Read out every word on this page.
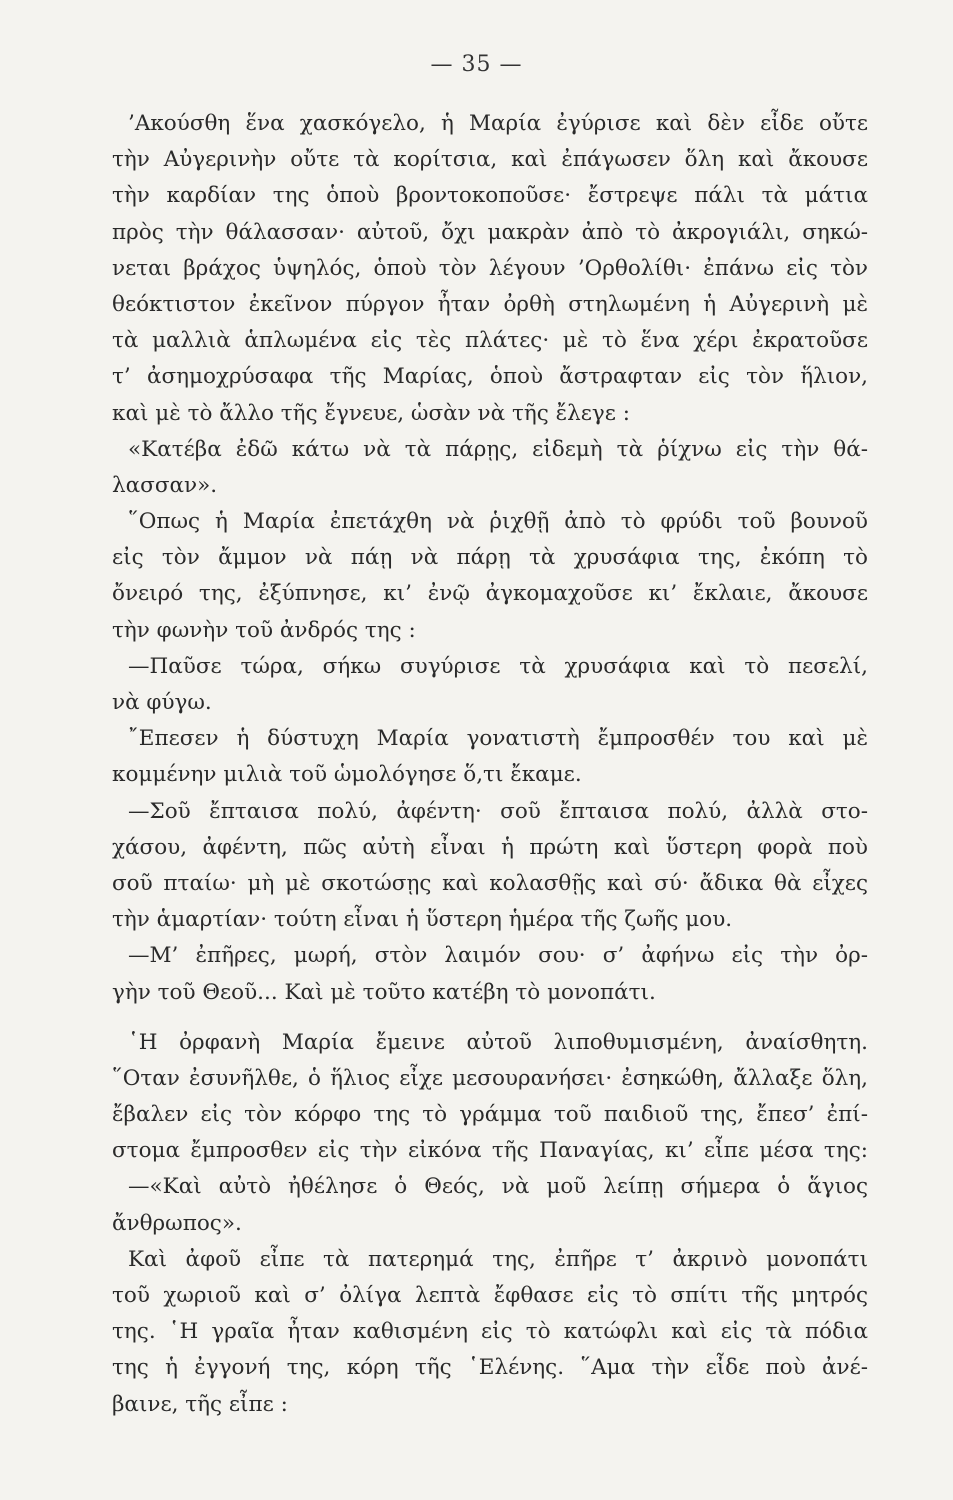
— 35 —
’Ακούσθη ἕνα χασκόγελο, ἡ Μαρία ἐγύρισε καὶ δὲν εἶδε οὔτε
τὴν Αὐγερινὴν οὔτε τὰ κορίτσια, καὶ ἐπάγωσεν ὅλη καὶ ἄκουσε
τὴν καρδίαν της ὁποὺ βροντοκοποῦσε· ἔστρεψε πάλι τὰ μάτια
πρὸς τὴν θάλασσαν· αὐτοῦ, ὄχι μακρὰν ἀπὸ τὸ ἀκρογιάλι, σηκώ-
νεται βράχος ὑψηλός, ὁποὺ τὸν λέγουν ’Ορθολίθι· ἐπάνω εἰς τὸν
θεόκτιστον ἐκεῖνον πύργον ἦταν ὀρθὴ στηλωμένη ἡ Αὐγερινὴ μὲ
τὰ μαλλιὰ ἁπλωμένα εἰς τὲς πλάτες· μὲ τὸ ἕνα χέρι ἐκρατοῦσε
τ’ ἀσημοχρύσαφα τῆς Μαρίας, ὁποὺ ἄστραφταν εἰς τὸν ἥλιον,
καὶ μὲ τὸ ἄλλο τῆς ἔγνευε, ὡσὰν νὰ τῆς ἔλεγε :
«Κατέβα ἐδῶ κάτω νὰ τὰ πάρῃς, εἰδεμὴ τὰ ῥίχνω εἰς τὴν θά-
λασσαν».
῞Οπως ἡ Μαρία ἐπετάχθη νὰ ῥιχθῇ ἀπὸ τὸ φρύδι τοῦ βουνοῦ
εἰς τὸν ἄμμον νὰ πάῃ νὰ πάρῃ τὰ χρυσάφια της, ἐκόπη τὸ
ὄνειρό της, ἐξύπνησε, κι’ ἐνῷ ἀγκομαχοῦσε κι’ ἔκλαιε, ἄκουσε
τὴν φωνὴν τοῦ ἀνδρός της :
—Παῦσε τώρα, σήκω συγύρισε τὰ χρυσάφια καὶ τὸ πεσελί,
νὰ φύγω.
῎Επεσεν ἡ δύστυχη Μαρία γονατιστὴ ἔμπροσθέν του καὶ μὲ
κομμένην μιλιὰ τοῦ ὡμολόγησε ὅ,τι ἔκαμε.
—Σοῦ ἔπταισα πολύ, ἀφέντη· σοῦ ἔπταισα πολύ, ἀλλὰ στο-
χάσου, ἀφέντη, πῶς αὐτὴ εἶναι ἡ πρώτη καὶ ὕστερη φορὰ ποὺ
σοῦ πταίω· μὴ μὲ σκοτώσῃς καὶ κολασθῇς καὶ σύ· ἄδικα θὰ εἶχες
τὴν ἁμαρτίαν· τούτη εἶναι ἡ ὕστερη ἡμέρα τῆς ζωῆς μου.
—Μ’ ἐπῆρες, μωρή, στὸν λαιμόν σου· σ’ ἀφήνω εἰς τὴν ὀρ-
γὴν τοῦ Θεοῦ... Καὶ μὲ τοῦτο κατέβη τὸ μονοπάτι.
῾Η ὀρφανὴ Μαρία ἔμεινε αὐτοῦ λιποθυμισμένη, ἀναίσθητη.
῞Οταν ἐσυνῆλθε, ὁ ἥλιος εἶχε μεσουρανήσει· ἐσηκώθη, ἄλλαξε ὅλη,
ἔβαλεν εἰς τὸν κόρφο της τὸ γράμμα τοῦ παιδιοῦ της, ἔπεσ’ ἐπί-
στομα ἔμπροσθεν εἰς τὴν εἰκόνα τῆς Παναγίας, κι’ εἶπε μέσα της:
—«Καὶ αὐτὸ ἠθέλησε ὁ Θεός, νὰ μοῦ λείπῃ σήμερα ὁ ἅγιος
ἄνθρωπος».
Καὶ ἀφοῦ εἶπε τὰ πατερημά της, ἐπῆρε τ’ ἀκρινὸ μονοπάτι
τοῦ χωριοῦ καὶ σ’ ὀλίγα λεπτὰ ἔφθασε εἰς τὸ σπίτι τῆς μητρός
της. ῾Η γραῖα ἦταν καθισμένη εἰς τὸ κατώφλι καὶ εἰς τὰ πόδια
της ἡ ἐγγονή της, κόρη τῆς ῾Ελένης. ῞Αμα τὴν εἶδε ποὺ ἀνέ-
βαινε, τῆς εἶπε :
